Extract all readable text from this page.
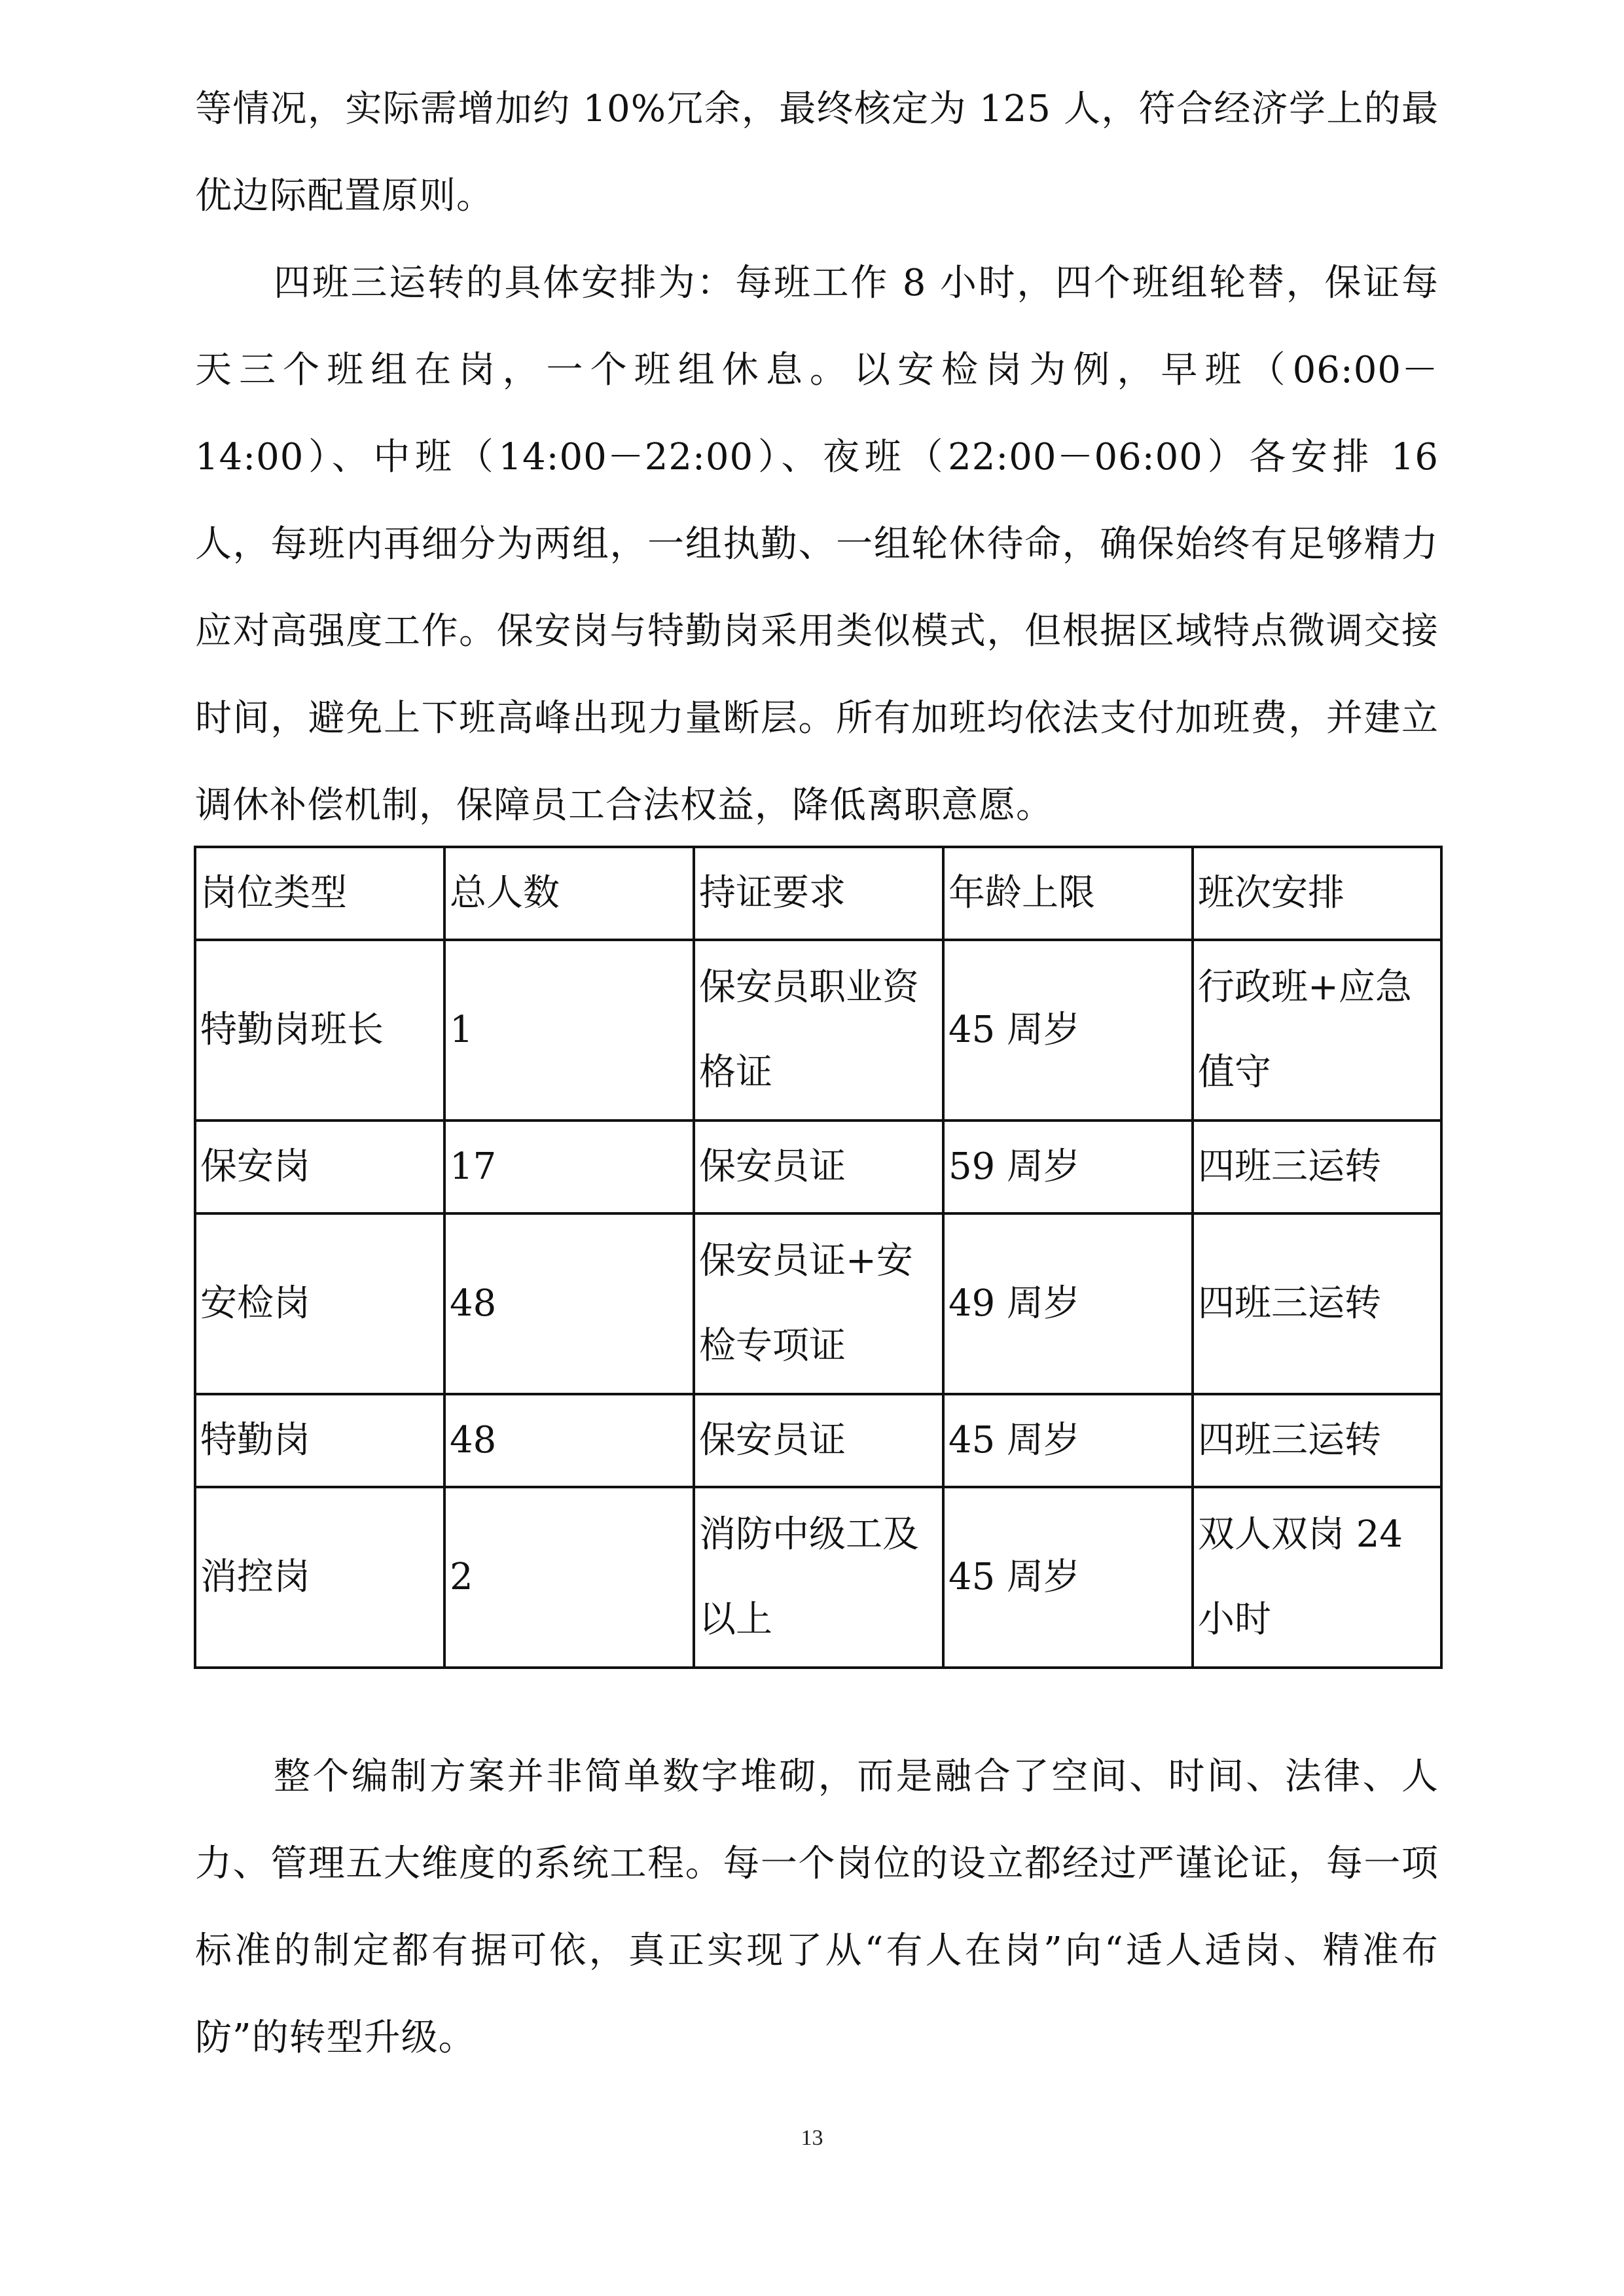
等情况，实际需增加约 10%冗余，最终核定为 125 人，符合经济学上的最优边际配置原则。

四班三运转的具体安排为：每班工作 8 小时，四个班组轮替，保证每天三个班组在岗，一个班组休息。以安检岗为例，早班（06:00－14:00）、中班（14:00－22:00）、夜班（22:00－06:00）各安排 16 人，每班内再细分为两组，一组执勤、一组轮休待命，确保始终有足够精力应对高强度工作。保安岗与特勤岗采用类似模式，但根据区域特点微调交接时间，避免上下班高峰出现力量断层。所有加班均依法支付加班费，并建立调休补偿机制，保障员工合法权益，降低离职意愿。

岗位类型	总人数	持证要求	年龄上限	班次安排
特勤岗班长	1	保安员职业资格证	45 周岁	行政班+应急值守
保安岗	17	保安员证	59 周岁	四班三运转
安检岗	48	保安员证+安检专项证	49 周岁	四班三运转
特勤岗	48	保安员证	45 周岁	四班三运转
消控岗	2	消防中级工及以上	45 周岁	双人双岗 24 小时

整个编制方案并非简单数字堆砌，而是融合了空间、时间、法律、人力、管理五大维度的系统工程。每一个岗位的设立都经过严谨论证，每一项标准的制定都有据可依，真正实现了从“有人在岗”向“适人适岗、精准布防”的转型升级。

13
